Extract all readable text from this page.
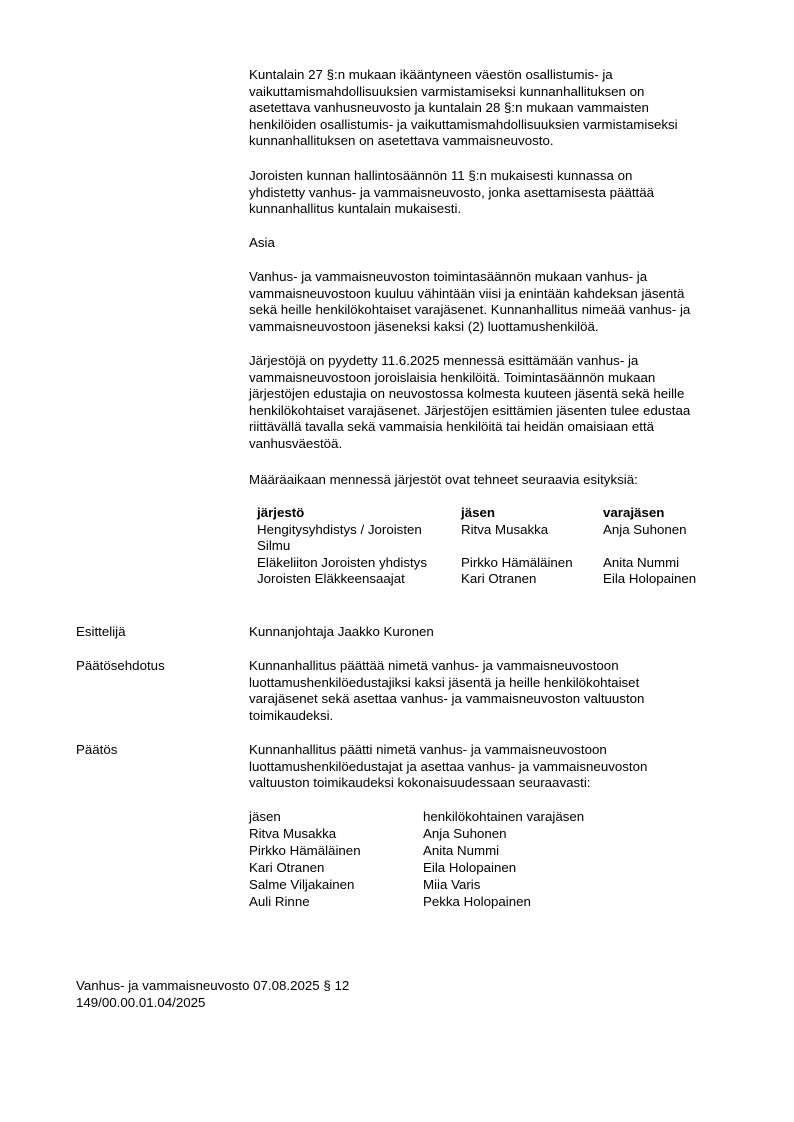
Kuntalain 27 §:n mukaan ikääntyneen väestön osallistumis- ja
vaikuttamismahdollisuuksien varmistamiseksi kunnanhallituksen on
asetettava vanhusneuvosto ja kuntalain 28 §:n mukaan vammaisten
henkilöiden osallistumis- ja vaikuttamismahdollisuuksien varmistamiseksi
kunnanhallituksen on asetettava vammaisneuvosto.

Joroisten kunnan hallintosäännön 11 §:n mukaisesti kunnassa on
yhdistetty vanhus- ja vammaisneuvosto, jonka asettamisesta päättää
kunnanhallitus kuntalain mukaisesti.

Asia

Vanhus- ja vammaisneuvoston toimintasäännön mukaan vanhus- ja
vammaisneuvostoon kuuluu vähintään viisi ja enintään kahdeksan jäsentä
sekä heille henkilökohtaiset varajäsenet. Kunnanhallitus nimeää vanhus- ja
vammaisneuvostoon jäseneksi kaksi (2) luottamushenkilöä.

Järjestöjä on pyydetty 11.6.2025 mennessä esittämään vanhus- ja
vammaisneuvostoon joroislaisia henkilöitä. Toimintasäännön mukaan
järjestöjen edustajia on neuvostossa kolmesta kuuteen jäsentä sekä heille
henkilökohtaiset varajäsenet. Järjestöjen esittämien jäsenten tulee edustaa
riittävällä tavalla sekä vammaisia henkilöitä tai heidän omaisiaan että
vanhusväestöä.

Määräaikaan mennessä järjestöt ovat tehneet seuraavia esityksiä:

järjestö	jäsen	varajäsen
Hengitysyhdistys / Joroisten
Silmu	Ritva Musakka	Anja Suhonen
Eläkeliiton Joroisten yhdistys	Pirkko Hämäläinen	Anita Nummi
Joroisten Eläkkeensaajat	Kari Otranen	Eila Holopainen
Esittelijä	Kunnanjohtaja Jaakko Kuronen

Päätösehdotus	Kunnanhallitus päättää nimetä vanhus- ja vammaisneuvostoon
luottamushenkilöedustajiksi kaksi jäsentä ja heille henkilökohtaiset
varajäsenet sekä asettaa vanhus- ja vammaisneuvoston valtuuston
toimikaudeksi.

Päätös	Kunnanhallitus päätti nimetä vanhus- ja vammaisneuvostoon
luottamushenkilöedustajat ja asettaa vanhus- ja vammaisneuvoston
valtuuston toimikaudeksi kokonaisuudessaan seuraavasti:

jäsen	henkilökohtainen varajäsen
Ritva Musakka	Anja Suhonen
Pirkko Hämäläinen	Anita Nummi
Kari Otranen	Eila Holopainen
Salme Viljakainen	Miia Varis
Auli Rinne	Pekka Holopainen
Vanhus- ja vammaisneuvosto 07.08.2025 § 12
149/00.00.01.04/2025
